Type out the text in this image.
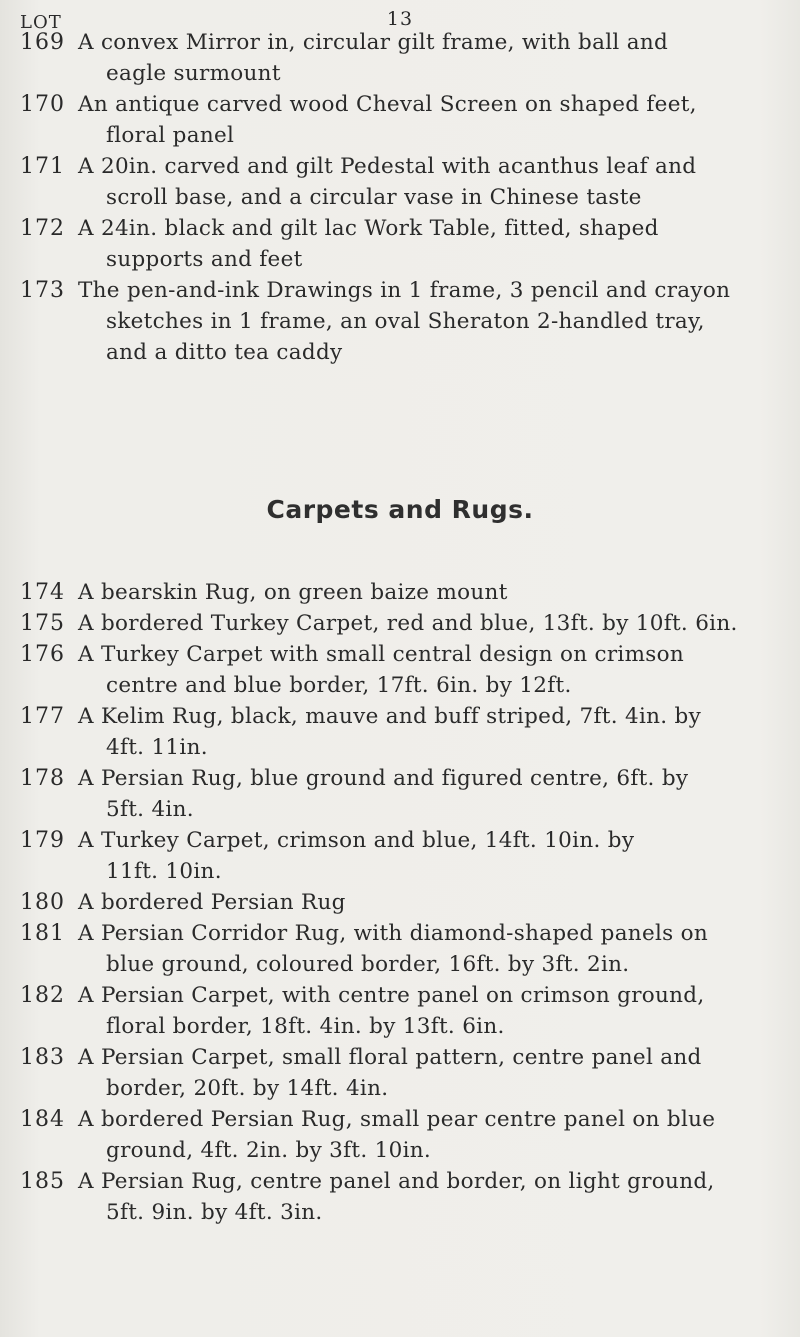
13
LOT
169 A convex Mirror in, circular gilt frame, with ball and
eagle surmount
170 An antique carved wood Cheval Screen on shaped feet,
floral panel
171 A 20in. carved and gilt Pedestal with acanthus leaf and
scroll base, and a circular vase in Chinese taste
172 A 24in. black and gilt lac Work Table, fitted, shaped
supports and feet
173 The pen-and-ink Drawings in 1 frame, 3 pencil and crayon
sketches in 1 frame, an oval Sheraton 2-handled tray,
and a ditto tea caddy
Carpets and Rugs.
174 A bearskin Rug, on green baize mount
175 A bordered Turkey Carpet, red and blue, 13ft. by 10ft. 6in.
176 A Turkey Carpet with small central design on crimson
centre and blue border, 17ft. 6in. by 12ft.
177 A Kelim Rug, black, mauve and buff striped, 7ft. 4in. by
4ft. 11in.
178 A Persian Rug, blue ground and figured centre, 6ft. by
5ft. 4in.
179 A Turkey Carpet, crimson and blue, 14ft. 10in. by
11ft. 10in.
180 A bordered Persian Rug
181 A Persian Corridor Rug, with diamond-shaped panels on
blue ground, coloured border, 16ft. by 3ft. 2in.
182 A Persian Carpet, with centre panel on crimson ground,
floral border, 18ft. 4in. by 13ft. 6in.
183 A Persian Carpet, small floral pattern, centre panel and
border, 20ft. by 14ft. 4in.
184 A bordered Persian Rug, small pear centre panel on blue
ground, 4ft. 2in. by 3ft. 10in.
185 A Persian Rug, centre panel and border, on light ground,
5ft. 9in. by 4ft. 3in.
